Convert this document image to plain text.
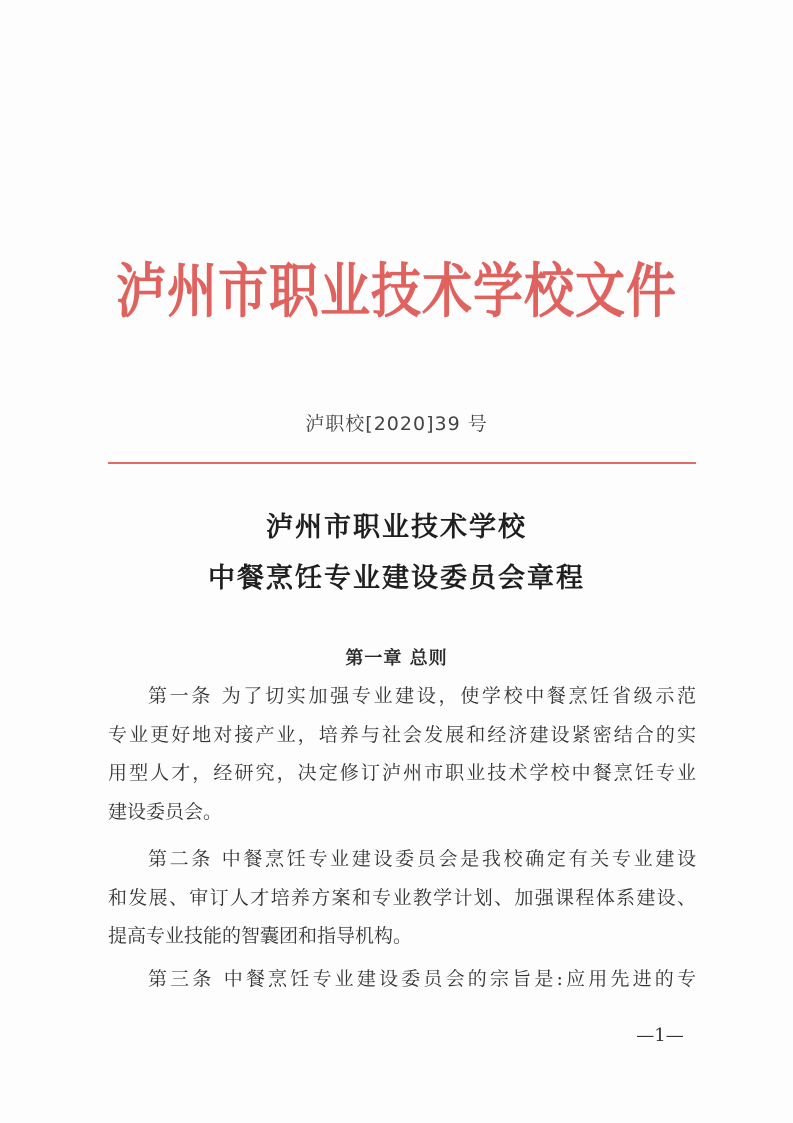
泸州市职业技术学校文件
泸职校[2020]39 号
泸州市职业技术学校
中餐烹饪专业建设委员会章程
第一章 总则
第一条 为了切实加强专业建设，使学校中餐烹饪省级示范
专业更好地对接产业，培养与社会发展和经济建设紧密结合的实
用型人才，经研究，决定修订泸州市职业技术学校中餐烹饪专业
建设委员会。
第二条 中餐烹饪专业建设委员会是我校确定有关专业建设
和发展、审订人才培养方案和专业教学计划、加强课程体系建设、
提高专业技能的智囊团和指导机构。
第三条 中餐烹饪专业建设委员会的宗旨是:应用先进的专
—1—
